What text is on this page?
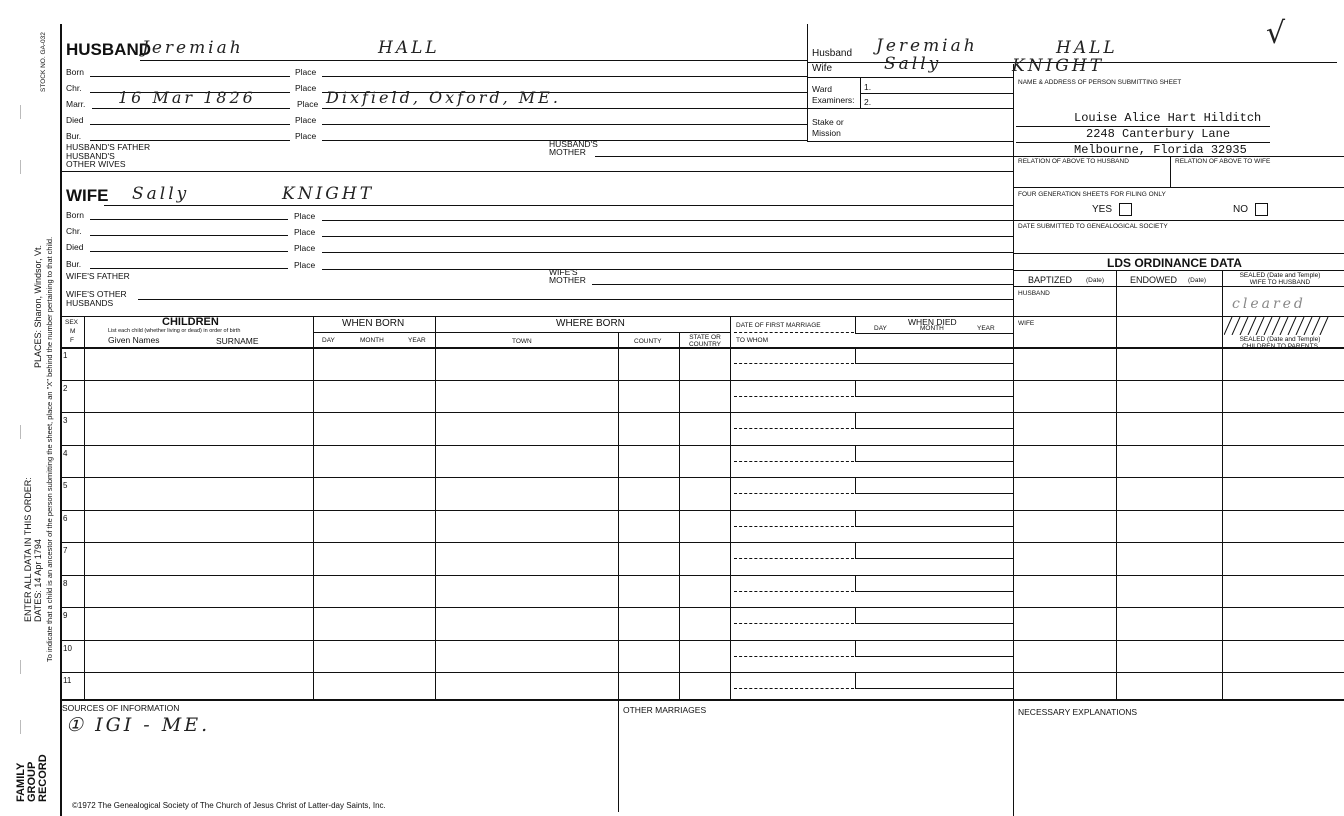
STOCK NO. GA-032
PLACES: Sharon, Windsor, Vt.
ENTER ALL DATA IN THIS ORDER: DATES: 14 Apr 1794 To indicate that a child is an ancestor of the person submitting the sheet, place an "X" behind the number pertaining to that child.
FAMILY GROUP RECORD
HUSBAND
Jeremiah	HALL
Born	Place
Chr.	Place
Marr. 16 Mar 1826	Place Dixfield, Oxford, ME.
Died	Place
Bur.	Place
HUSBAND'S FATHER	HUSBAND'S MOTHER
HUSBAND'S OTHER WIVES
WIFE Sally	KNIGHT
Born	Place
Chr.	Place
Died	Place
Bur.	Place
WIFE'S FATHER	WIFE'S MOTHER
WIFE'S OTHER HUSBANDS
Husband Jeremiah	HALL
Wife	Sally	KNIGHT
√
Ward Examiners:
1.
2.
Stake or Mission
NAME & ADDRESS OF PERSON SUBMITTING SHEET
Louise Alice Hart Hilditch
2248 Canterbury Lane
Melbourne, Florida 32935
RELATION OF ABOVE TO HUSBAND	RELATION OF ABOVE TO WIFE
FOUR GENERATION SHEETS FOR FILING ONLY
YES	NO
DATE SUBMITTED TO GENEALOGICAL SOCIETY
LDS ORDINANCE DATA
BAPTIZED (Date)	ENDOWED (Date)
SEALED (Date and Temple) WIFE TO HUSBAND
HUSBAND
WIFE
cleared
SEALED (Date and Temple) CHILDREN TO PARENTS
SEX
M
F
CHILDREN
List each child (whether living or dead) in order of birth
Given Names	SURNAME
WHEN BORN
DAY	MONTH	YEAR
WHERE BORN
TOWN	COUNTY
STATE OR COUNTRY
DATE OF FIRST MARRIAGE
TO WHOM
WHEN DIED
DAY	MONTH	YEAR
1
2
3
4
5
6
7
8
9
10
11
SOURCES OF INFORMATION
① IGI - ME.
OTHER MARRIAGES	NECESSARY EXPLANATIONS
©1972 The Genealogical Society of The Church of Jesus Christ of Latter-day Saints, Inc.
